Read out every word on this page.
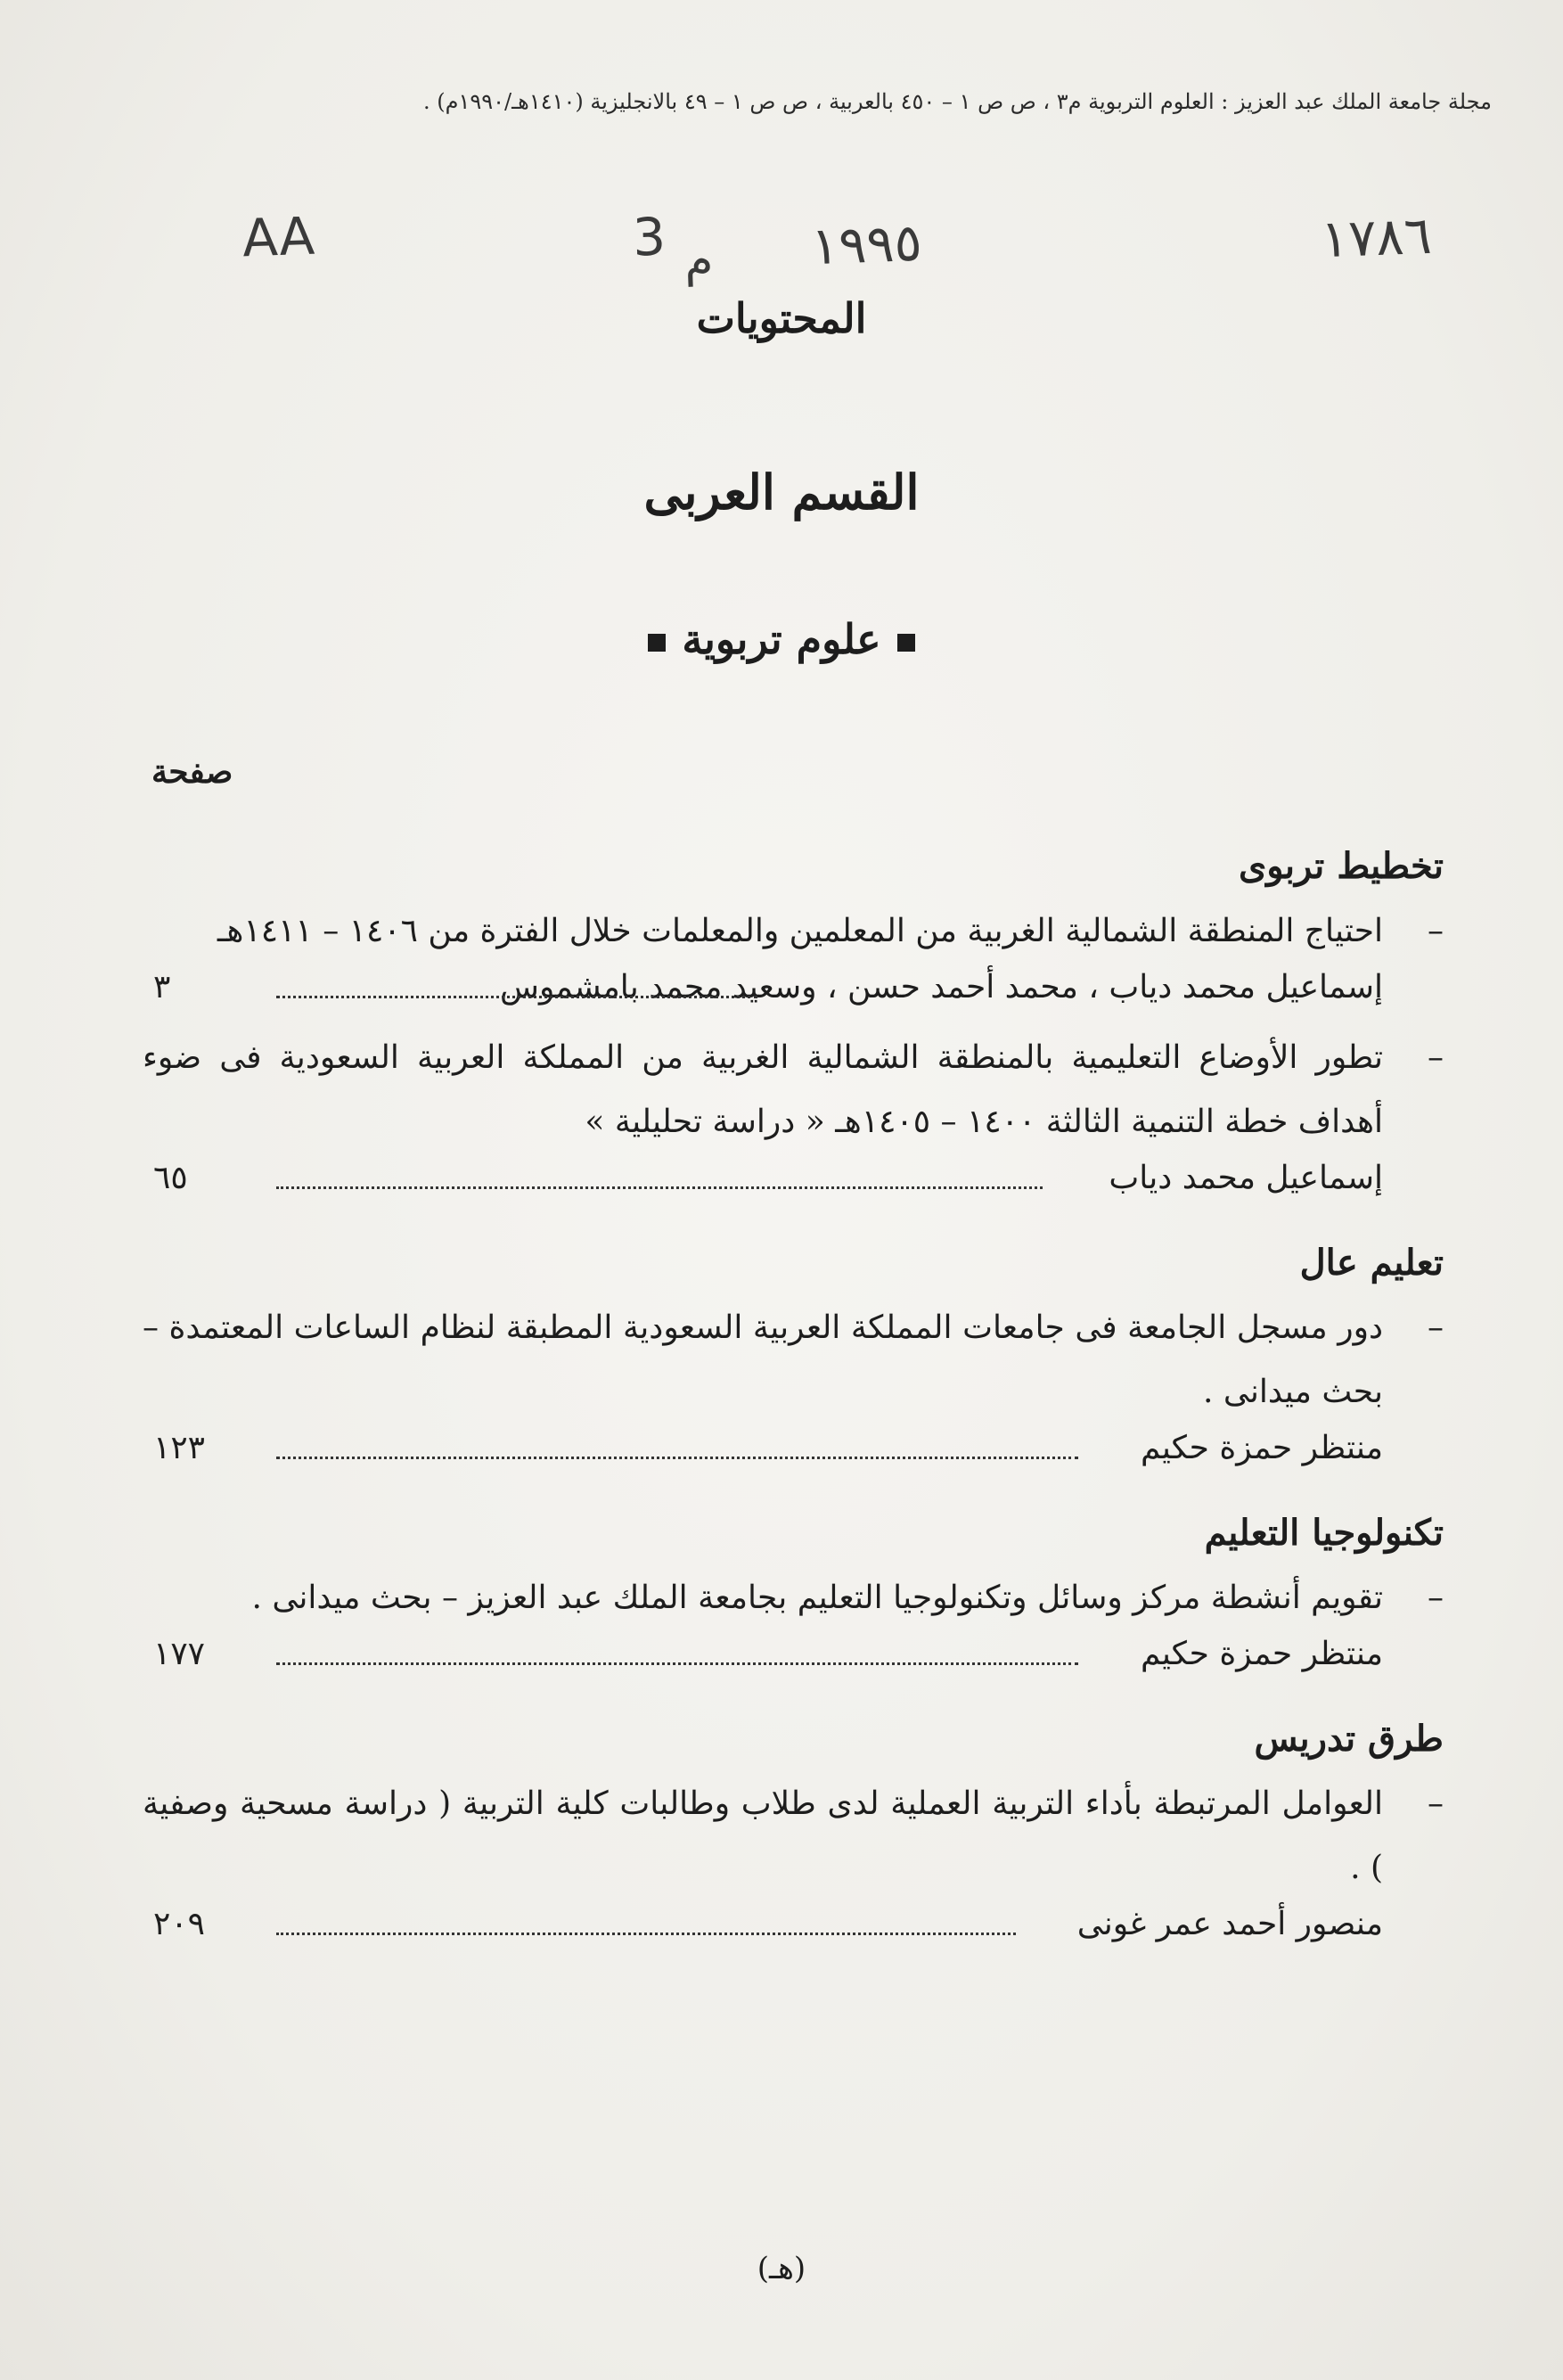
مجلة جامعة الملك عبد العزيز : العلوم التربوية م٣ ، ص ص ١ – ٤٥٠ بالعربية ، ص ص ١ – ٤٩ بالانجليزية (١٤١٠هـ/١٩٩٠م) .
AA	3 م ١٩٩٥	١٧٨٦
المحتويات
القسم العربى
علوم تربوية
صفحة
تخطيط تربوى
–
احتياج المنطقة الشمالية الغربية من المعلمين والمعلمات خلال الفترة من ١٤٠٦ – ١٤١١هـ
إسماعيل محمد دياب ، محمد أحمد حسن ، وسعيد محمد بامشموس
٣
–
تطور الأوضاع التعليمية بالمنطقة الشمالية الغربية من المملكة العربية السعودية فى ضوء أهداف خطة التنمية الثالثة ١٤٠٠ – ١٤٠٥هـ « دراسة تحليلية »
إسماعيل محمد دياب
٦٥
تعليم عال
–
دور مسجل الجامعة فى جامعات المملكة العربية السعودية المطبقة لنظام الساعات المعتمدة – بحث ميدانى .
منتظر حمزة حكيم
١٢٣
تكنولوجيا التعليم
–
تقويم أنشطة مركز وسائل وتكنولوجيا التعليم بجامعة الملك عبد العزيز – بحث ميدانى .
منتظر حمزة حكيم
١٧٧
طرق تدريس
–
العوامل المرتبطة بأداء التربية العملية لدى طلاب وطالبات كلية التربية ( دراسة مسحية وصفية ) .
منصور أحمد عمر غونى
٢٠٩
(هـ)
